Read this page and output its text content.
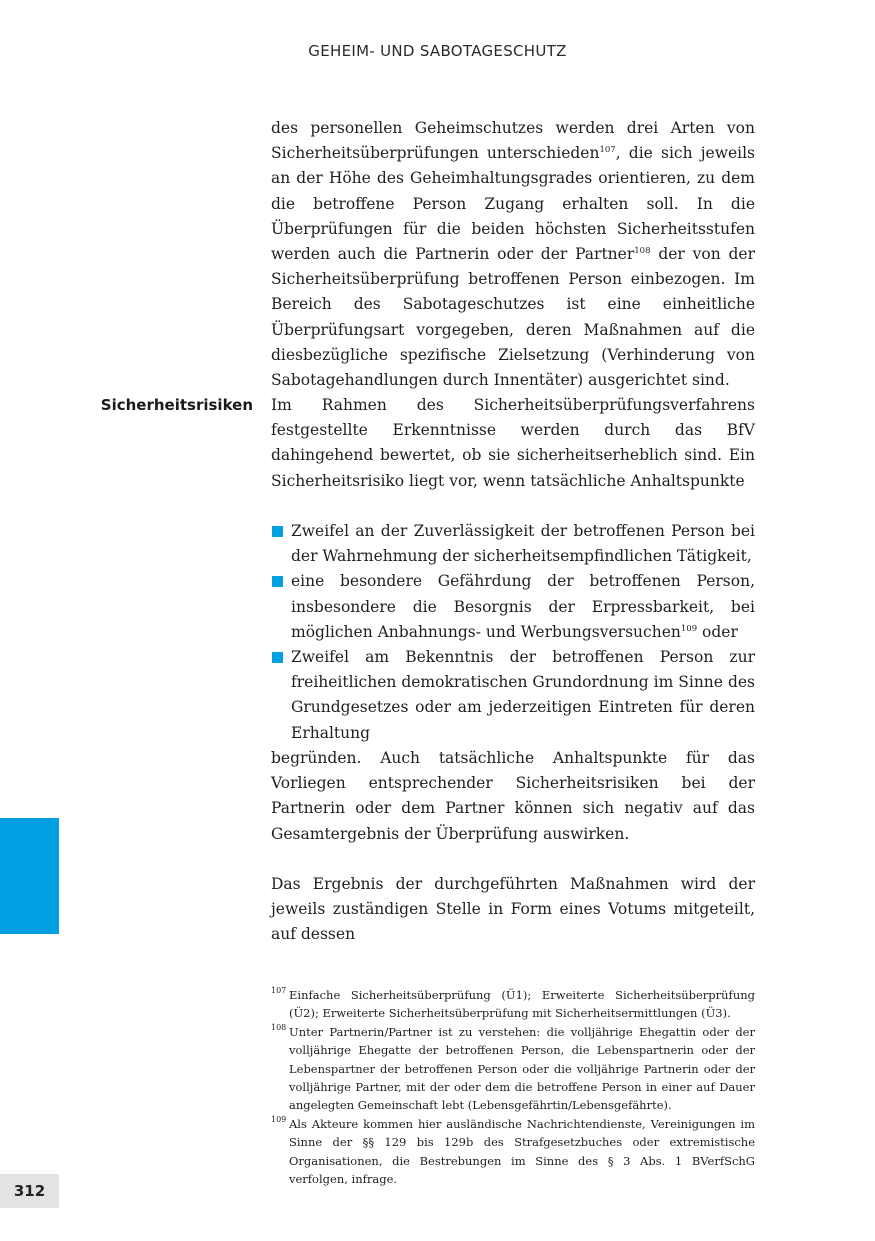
GEHEIM- UND SABOTAGESCHUTZ
312

des personellen Geheimschutzes werden drei Arten von Sicherheitsüberprüfungen unterschieden$^{107}$, die sich jeweils an der Höhe des Geheimhaltungsgrades orientieren, zu dem die betroffene Person Zugang erhalten soll. In die Überprüfungen für die beiden höchsten Sicherheitsstufen werden auch die Partnerin oder der Partner$^{108}$ der von der Sicherheitsüberprüfung betroffenen Person einbezogen. Im Bereich des Sabotageschutzes ist eine einheitliche Überprüfungsart vorgegeben, deren Maßnahmen auf die diesbezügliche spezifische Zielsetzung (Verhinderung von Sabotagehandlungen durch Innentäter) ausgerichtet sind.

Sicherheitsrisiken Im Rahmen des Sicherheitsüberprüfungsverfahrens festgestellte Erkenntnisse werden durch das BfV dahingehend bewertet, ob sie sicherheitserheblich sind. Ein Sicherheitsrisiko liegt vor, wenn tatsächliche Anhaltspunkte

Zweifel an der Zuverlässigkeit der betroffenen Person bei der Wahrnehmung der sicherheitsempfindlichen Tätigkeit,
eine besondere Gefährdung der betroffenen Person, insbesondere die Besorgnis der Erpressbarkeit, bei möglichen Anbahnungs- und Werbungsversuchen$^{109}$ oder
Zweifel am Bekenntnis der betroffenen Person zur freiheitlichen demokratischen Grundordnung im Sinne des Grundgesetzes oder am jederzeitigen Eintreten für deren Erhaltung

begründen. Auch tatsächliche Anhaltspunkte für das Vorliegen entsprechender Sicherheitsrisiken bei der Partnerin oder dem Partner können sich negativ auf das Gesamtergebnis der Überprüfung auswirken.

Das Ergebnis der durchgeführten Maßnahmen wird der jeweils zuständigen Stelle in Form eines Votums mitgeteilt, auf dessen

107 Einfache Sicherheitsüberprüfung (Ü1); Erweiterte Sicherheitsüberprüfung (Ü2); Erweiterte Sicherheitsüberprüfung mit Sicherheitsermittlungen (Ü3).
108 Unter Partnerin/Partner ist zu verstehen: die volljährige Ehegattin oder der volljährige Ehegatte der betroffenen Person, die Lebenspartnerin oder der Lebenspartner der betroffenen Person oder die volljährige Partnerin oder der volljährige Partner, mit der oder dem die betroffene Person in einer auf Dauer angelegten Gemeinschaft lebt (Lebensgefährtin/Lebensgefährte).
109 Als Akteure kommen hier ausländische Nachrichtendienste, Vereinigungen im Sinne der §§ 129 bis 129b des Strafgesetzbuches oder extremistische Organisationen, die Bestrebungen im Sinne des § 3 Abs. 1 BVerfSchG verfolgen, infrage.
